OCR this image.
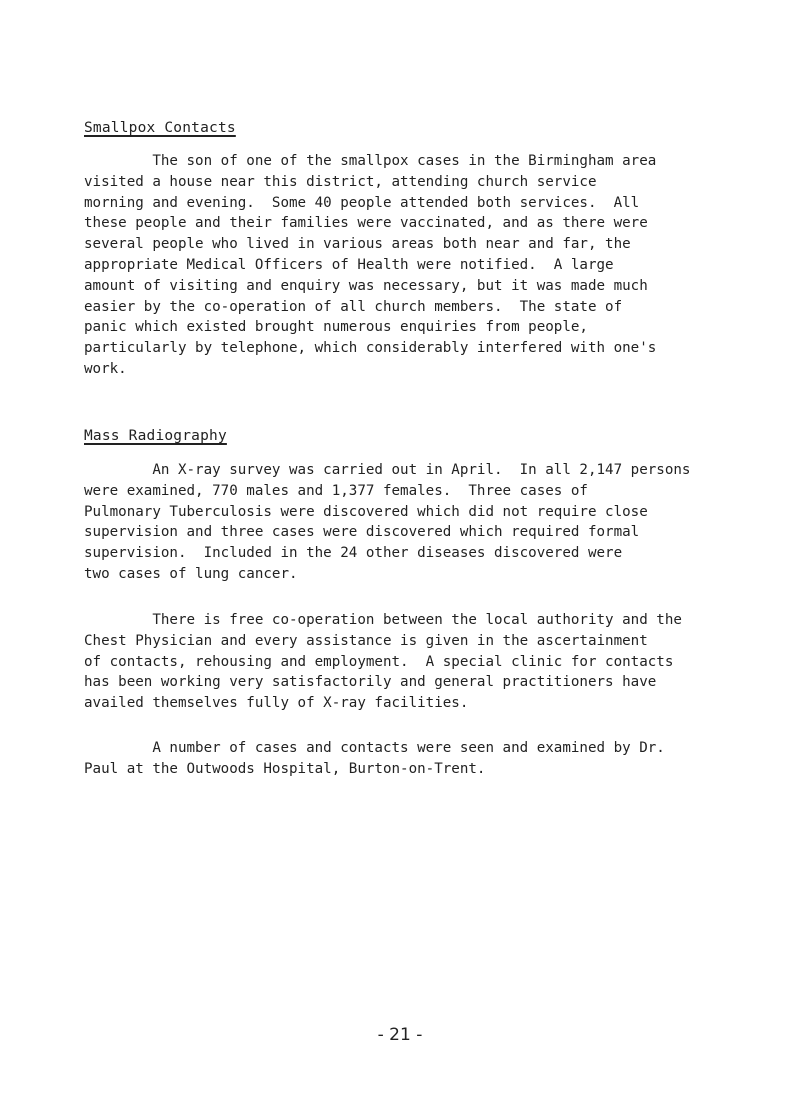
Smallpox Contacts

The son of one of the smallpox cases in the Birmingham area
visited a house near this district, attending church service
morning and evening.  Some 40 people attended both services.  All
these people and their families were vaccinated, and as there were
several people who lived in various areas both near and far, the
appropriate Medical Officers of Health were notified.  A large
amount of visiting and enquiry was necessary, but it was made much
easier by the co-operation of all church members.  The state of
panic which existed brought numerous enquiries from people,
particularly by telephone, which considerably interfered with one's
work.

Mass Radiography

An X-ray survey was carried out in April.  In all 2,147 persons
were examined, 770 males and 1,377 females.  Three cases of
Pulmonary Tuberculosis were discovered which did not require close
supervision and three cases were discovered which required formal
supervision.  Included in the 24 other diseases discovered were
two cases of lung cancer.

There is free co-operation between the local authority and the
Chest Physician and every assistance is given in the ascertainment
of contacts, rehousing and employment.  A special clinic for contacts
has been working very satisfactorily and general practitioners have
availed themselves fully of X-ray facilities.

A number of cases and contacts were seen and examined by Dr.
Paul at the Outwoods Hospital, Burton-on-Trent.

- 21 -
